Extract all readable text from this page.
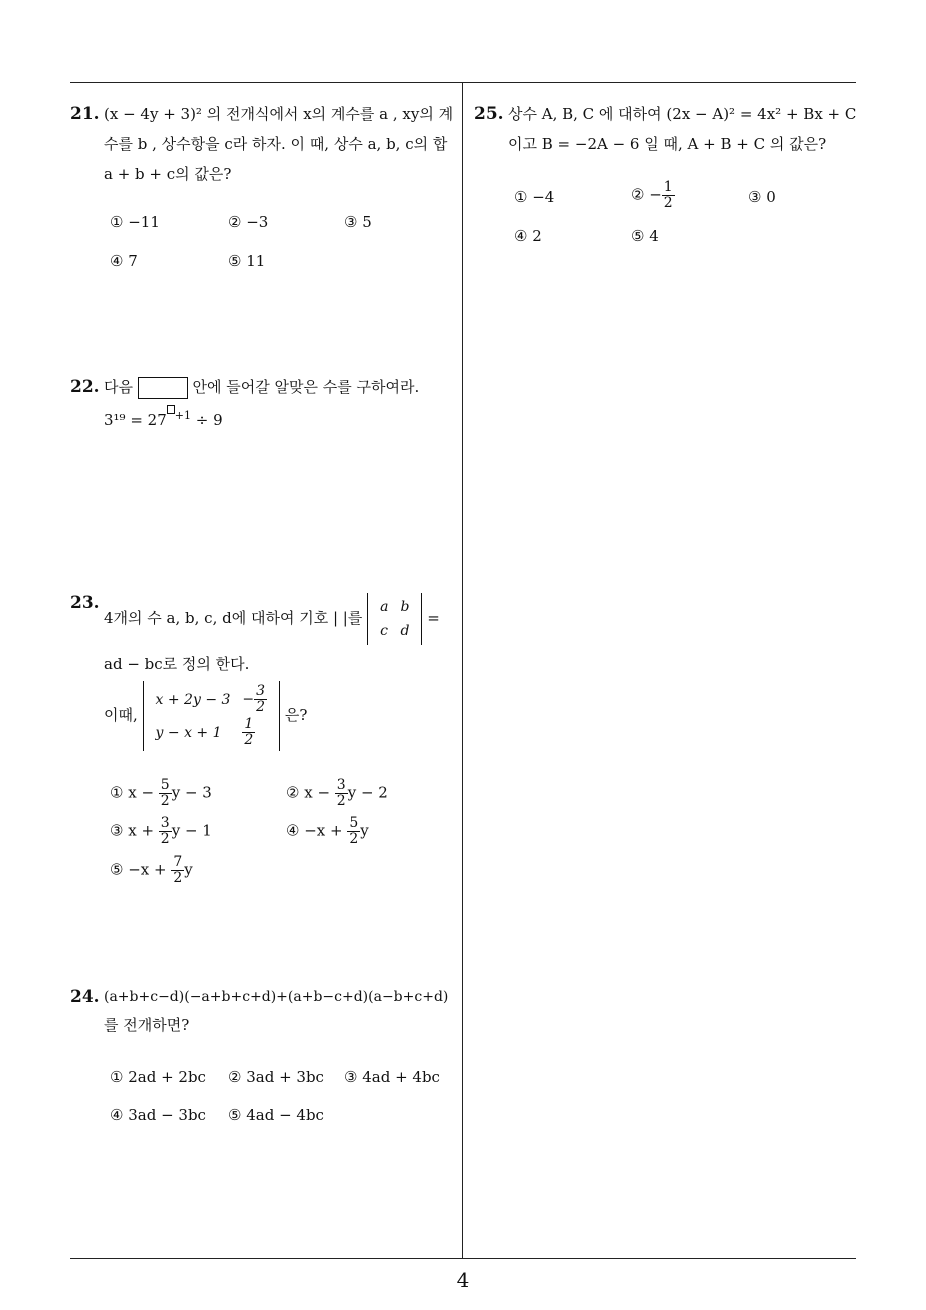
21. (x − 4y + 3)² 의 전개식에서 x의 계수를 a , xy의 계
수를 b , 상수항을 c라 하자. 이 때, 상수 a, b, c의 합
a + b + c의 값은?
① −11	② −3	③ 5
④ 7	⑤ 11
22. 다음	안에 들어갈 알맞은 수를 구하여라.
3¹⁹ = 27 $^{+1}$ ÷ 9
23.
4개의 수 a, b, c, d에 대하여 기호 | |를
a	b
c	d
=
ad − bc로 정의 한다.
이때,
x + 2y − 3	− $\frac{3}{2}$

y − x + 1	$\frac{1}{2}$
은?
① $x - \frac{5}{2}$ y − 3	② $x - \frac{3}{2}$ y − 2
③ $x + \frac{3}{2}$ y − 1	④ $-x + \frac{5}{2}$ y
⑤ $-x + \frac{7}{2}$ y
24. (a+b+c−d)(−a+b+c+d)+(a+b−c+d)(a−b+c+d)
를 전개하면?
① 2ad + 2bc ② 3ad + 3bc ③ 4ad + 4bc
④ 3ad − 3bc ⑤ 4ad − 4bc
25. 상수 A, B, C 에 대하여 (2x − A)² = 4x² + Bx + C
이고 B = −2A − 6 일 때, A + B + C 의 값은?
① −4	② − $\frac{1}{2}$	③ 0
④ 2	⑤ 4
4
